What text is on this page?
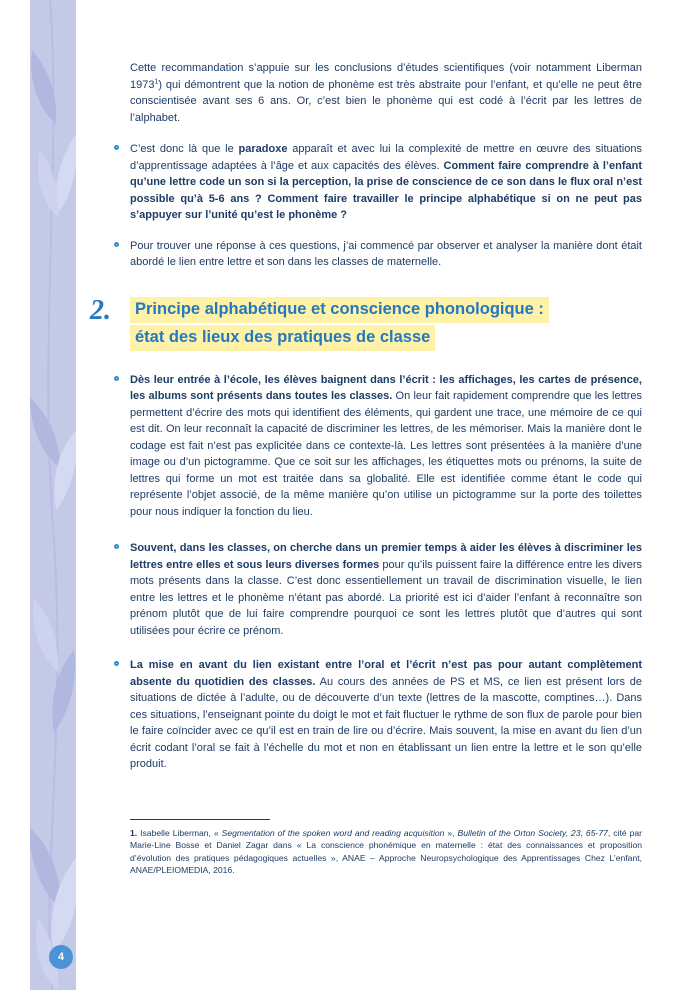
Cette recommandation s’appuie sur les conclusions d’études scientifiques (voir notamment Liberman 1973$^1$) qui démontrent que la notion de phonème est très abstraite pour l’enfant, et qu’elle ne peut être conscientisée avant ses 6 ans. Or, c’est bien le phonème qui est codé à l’écrit par les lettres de l’alphabet.

C’est donc là que le paradoxe apparaît et avec lui la complexité de mettre en œuvre des situations d’apprentissage adaptées à l’âge et aux capacités des élèves. Comment faire comprendre à l’enfant qu’une lettre code un son si la perception, la prise de conscience de ce son dans le flux oral n’est possible qu’à 5-6 ans ? Comment faire travailler le principe alphabétique si on ne peut pas s’appuyer sur l’unité qu’est le phonème ?
Pour trouver une réponse à ces questions, j’ai commencé par observer et analyser la manière dont était abordé le lien entre lettre et son dans les classes de maternelle.
2.	Principe alphabétique et conscience phonologique :
état des lieux des pratiques de classe
Dès leur entrée à l’école, les élèves baignent dans l’écrit : les affichages, les cartes de présence, les albums sont présents dans toutes les classes. On leur fait rapidement comprendre que les lettres permettent d’écrire des mots qui identifient des éléments, qui gardent une trace, une mémoire de ce qui est dit. On leur reconnaît la capacité de discriminer les lettres, de les mémoriser. Mais la manière dont le codage est fait n’est pas explicitée dans ce contexte-là. Les lettres sont présentées à la manière d’une image ou d’un pictogramme. Que ce soit sur les affichages, les étiquettes mots ou prénoms, la suite de lettres qui forme un mot est traitée dans sa globalité. Elle est identifiée comme étant le code qui représente l’objet associé, de la même manière qu’on utilise un pictogramme sur la porte des toilettes pour nous indiquer la fonction du lieu.
Souvent, dans les classes, on cherche dans un premier temps à aider les élèves à discriminer les lettres entre elles et sous leurs diverses formes pour qu’ils puissent faire la différence entre les divers mots présents dans la classe. C’est donc essentiellement un travail de discrimination visuelle, le lien entre les lettres et le phonème n’étant pas abordé. La priorité est ici d’aider l’enfant à reconnaître son prénom plutôt que de lui faire comprendre pourquoi ce sont les lettres plutôt que d’autres qui sont utilisées pour écrire ce prénom.
La mise en avant du lien existant entre l’oral et l’écrit n’est pas pour autant complètement absente du quotidien des classes. Au cours des années de PS et MS, ce lien est présent lors de situations de dictée à l’adulte, ou de découverte d’un texte (lettres de la mascotte, comptines…). Dans ces situations, l’enseignant pointe du doigt le mot et fait fluctuer le rythme de son flux de parole pour bien le faire coïncider avec ce qu’il est en train de lire ou d’écrire. Mais souvent, la mise en avant du lien d’un écrit codant l’oral se fait à l’échelle du mot et non en établissant un lien entre la lettre et le son qu’elle produit.

1. Isabelle Liberman, « Segmentation of the spoken word and reading acquisition », Bulletin of the Orton Society, 23, 65-77, cité par Marie-Line Bosse et Daniel Zagar dans « La conscience phonémique en maternelle : état des connaissances et proposition d’évolution des pratiques pédagogiques actuelles », ANAE – Approche Neuropsychologique des Apprentissages Chez L’enfant, ANAE/PLEIOMEDIA, 2016.

4
